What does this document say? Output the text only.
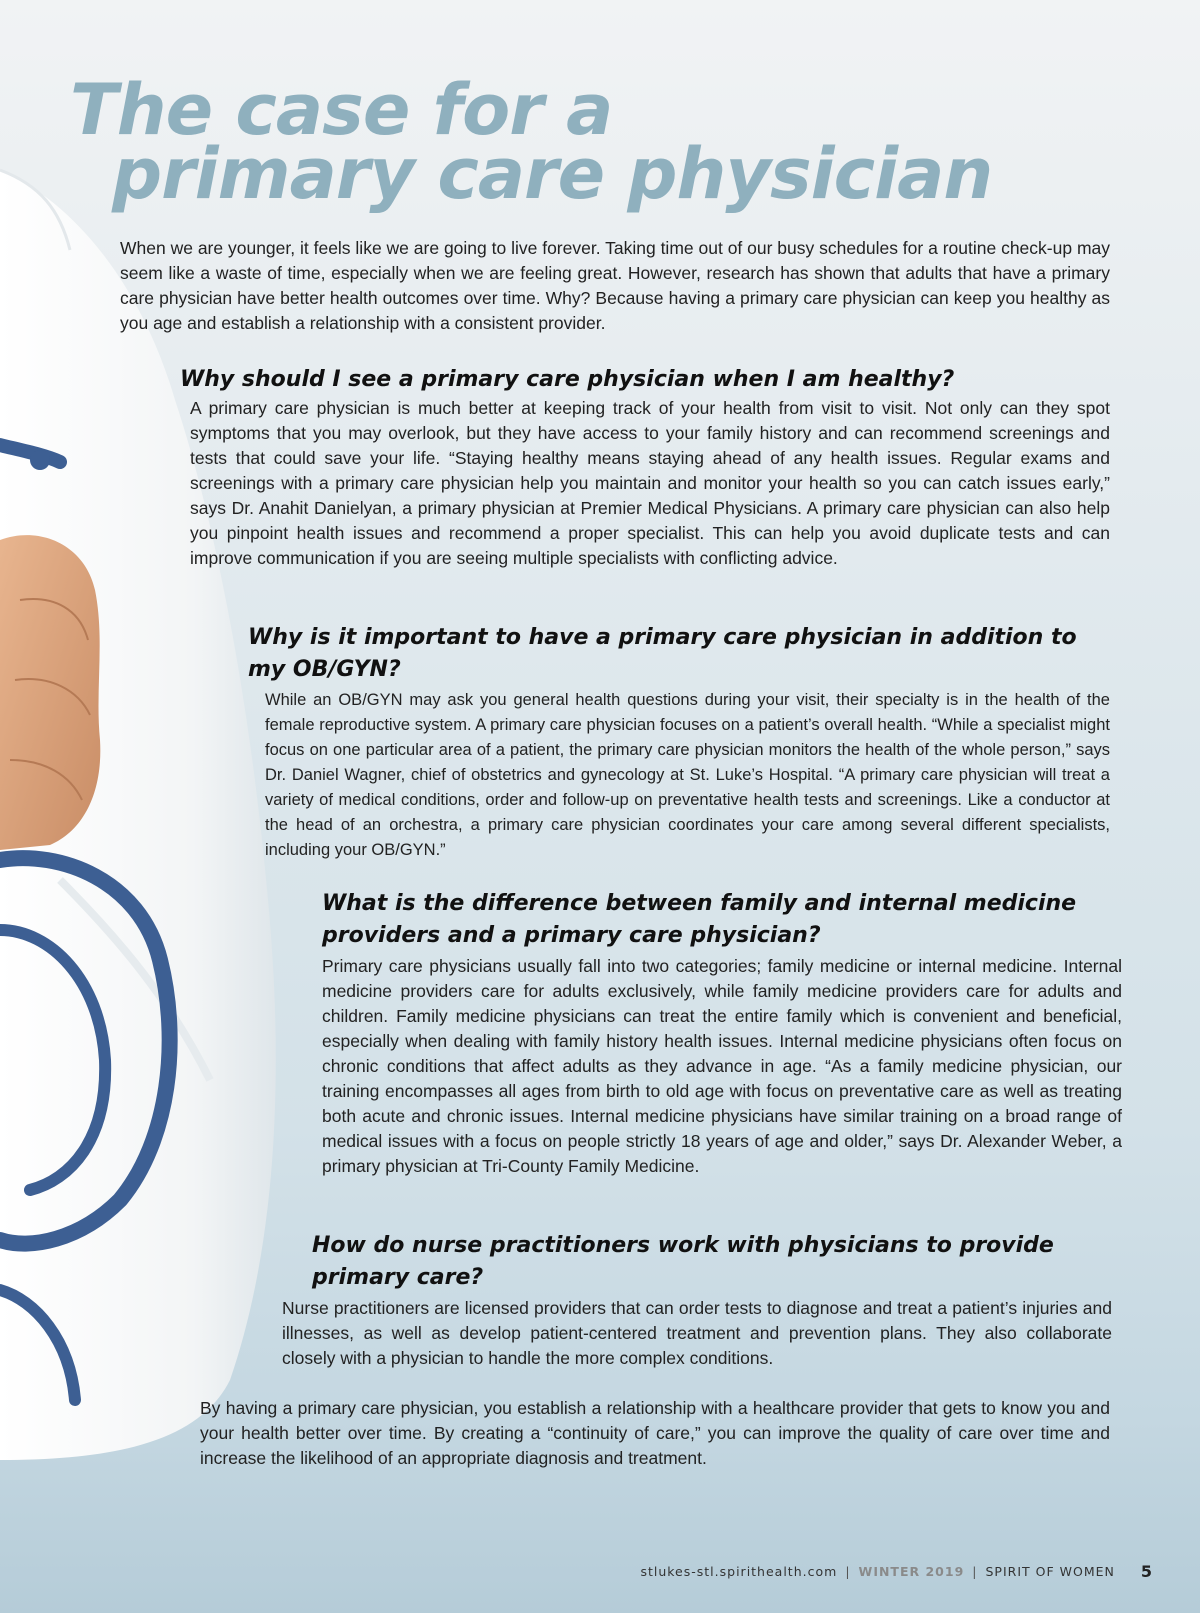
The case for a

primary care physician

When we are younger, it feels like we are going to live forever. Taking time out of our busy schedules for a routine check-up may seem like a waste of time, especially when we are feeling great. However, research has shown that adults that have a primary care physician have better health outcomes over time. Why? Because having a primary care physician can keep you healthy as you age and establish a relationship with a consistent provider.

Why should I see a primary care physician when I am healthy?

A primary care physician is much better at keeping track of your health from visit to visit. Not only can they spot symptoms that you may overlook, but they have access to your family history and can recommend screenings and tests that could save your life. “Staying healthy means staying ahead of any health issues. Regular exams and screenings with a primary care physician help you maintain and monitor your health so you can catch issues early,” says Dr. Anahit Danielyan, a primary physician at Premier Medical Physicians. A primary care physician can also help you pinpoint health issues and recommend a proper specialist. This can help you avoid duplicate tests and can improve communication if you are seeing multiple specialists with conflicting advice.

Why is it important to have a primary care physician in addition to my OB/GYN?

While an OB/GYN may ask you general health questions during your visit, their specialty is in the health of the female reproductive system. A primary care physician focuses on a patient’s overall health. “While a specialist might focus on one particular area of a patient, the primary care physician monitors the health of the whole person,” says Dr. Daniel Wagner, chief of obstetrics and gynecology at St. Luke’s Hospital. “A primary care physician will treat a variety of medical conditions, order and follow-up on preventative health tests and screenings. Like a conductor at the head of an orchestra, a primary care physician coordinates your care among several different specialists, including your OB/GYN.”

What is the difference between family and internal medicine providers and a primary care physician?

Primary care physicians usually fall into two categories; family medicine or internal medicine. Internal medicine providers care for adults exclusively, while family medicine providers care for adults and children. Family medicine physicians can treat the entire family which is convenient and beneficial, especially when dealing with family history health issues. Internal medicine physicians often focus on chronic conditions that affect adults as they advance in age. “As a family medicine physician, our training encompasses all ages from birth to old age with focus on preventative care as well as treating both acute and chronic issues. Internal medicine physicians have similar training on a broad range of medical issues with a focus on people strictly 18 years of age and older,” says Dr. Alexander Weber, a primary physician at Tri-County Family Medicine.

How do nurse practitioners work with physicians to provide primary care?

Nurse practitioners are licensed providers that can order tests to diagnose and treat a patient’s injuries and illnesses, as well as develop patient-centered treatment and prevention plans. They also collaborate closely with a physician to handle the more complex conditions.

By having a primary care physician, you establish a relationship with a healthcare provider that gets to know you and your health better over time. By creating a “continuity of care,” you can improve the quality of care over time and increase the likelihood of an appropriate diagnosis and treatment.

stlukes-stl.spirithealth.com | WINTER 2019 | SPIRIT OF WOMEN 5
